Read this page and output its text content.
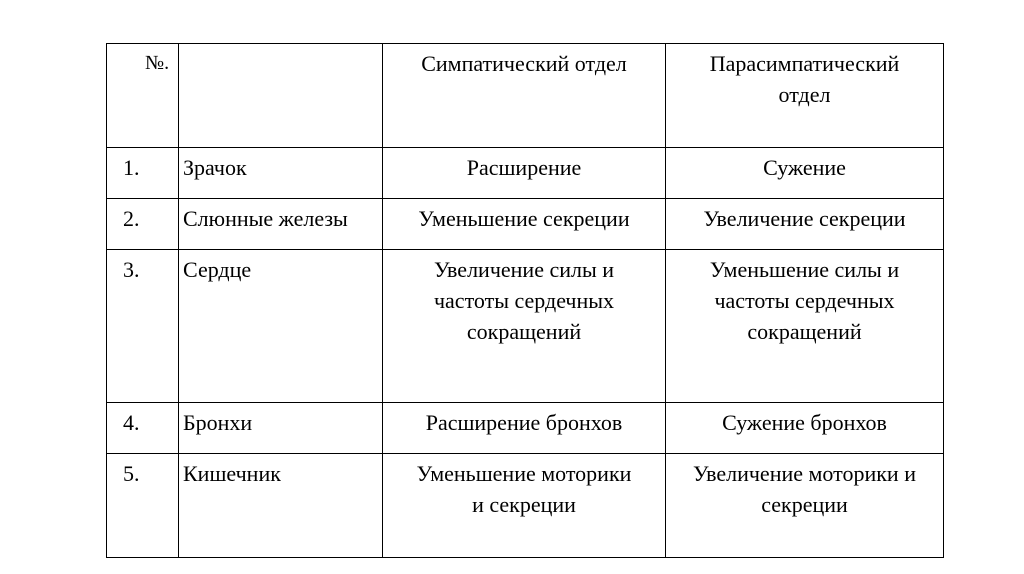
№.		Симпатический отдел	Парасимпатический
отдел

1.	Зрачок	Расширение	Сужение

2.	Слюнные железы	Уменьшение секреции	Увеличение секреции

3.	Сердце	Увеличение силы и
частоты сердечных
сокращений	Уменьшение силы и
частоты сердечных
сокращений

4.	Бронхи	Расширение бронхов	Сужение бронхов

5.	Кишечник	Уменьшение моторики
и секреции	Увеличение моторики и
секреции
